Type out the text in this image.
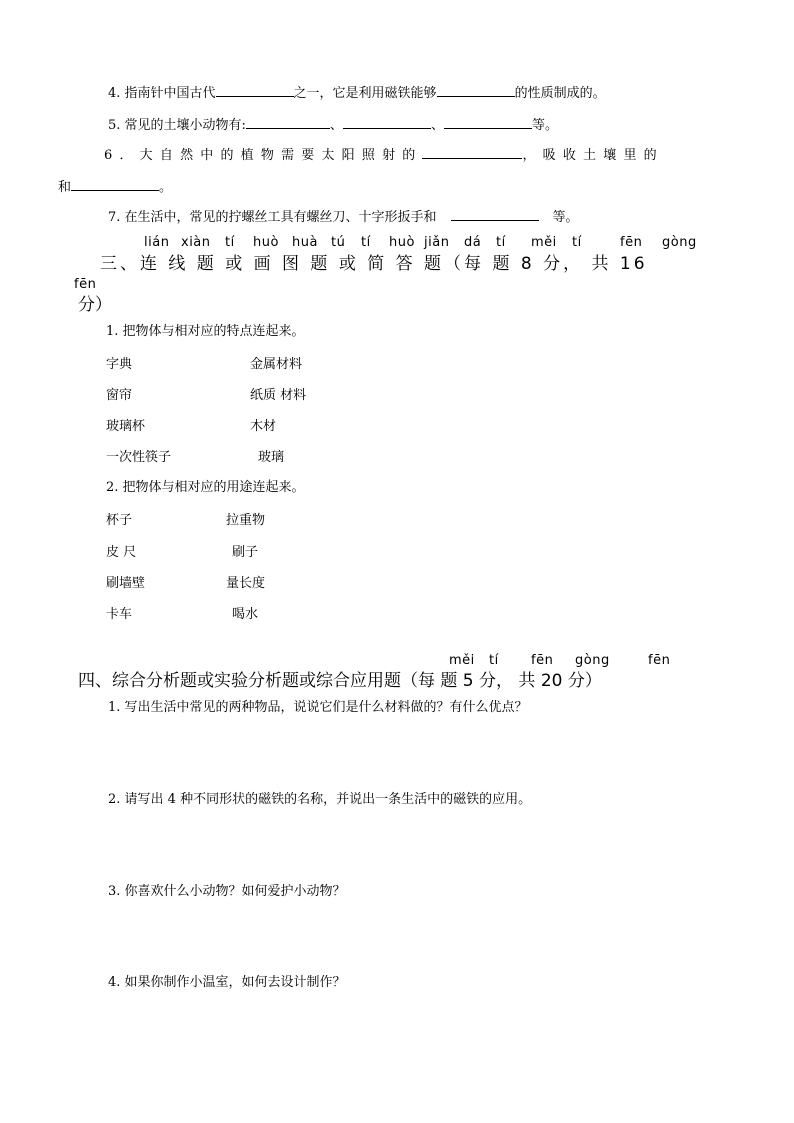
4. 指南针中国古代	之一，它是利用磁铁能够	的性质制成的。
5. 常见的土壤小动物有:	、	、	等。
6．大自然中的植物需要太阳照射的	，吸收土壤里的
和	。
7. 在生活中，常见的拧螺丝工具有螺丝刀、十字形扳手和	等。
lián xiàn tí huò huà tú tí huò jiǎn dá tí měi tí	fēn gòng
三、连 线 题 或 画 图 题 或 简 答 题（每 题 8 分， 共 16
fēn
分）
1. 把物体与相对应的特点连起来。
字典	金属材料
窗帘	纸质 材料
玻璃杯	木材
一次性筷子	玻璃
2. 把物体与相对应的用途连起来。
杯子	拉重物
皮 尺	刷子
刷墙壁	量长度
卡车	喝水
měi tí fēn gòng	fēn
四、综合分析题或实验分析题或综合应用题（每 题 5 分， 共 20 分）
1. 写出生活中常见的两种物品，说说它们是什么材料做的？有什么优点？
2. 请写出 4 种不同形状的磁铁的名称，并说出一条生活中的磁铁的应用。
3. 你喜欢什么小动物？如何爱护小动物？
4. 如果你制作小温室，如何去设计制作？
